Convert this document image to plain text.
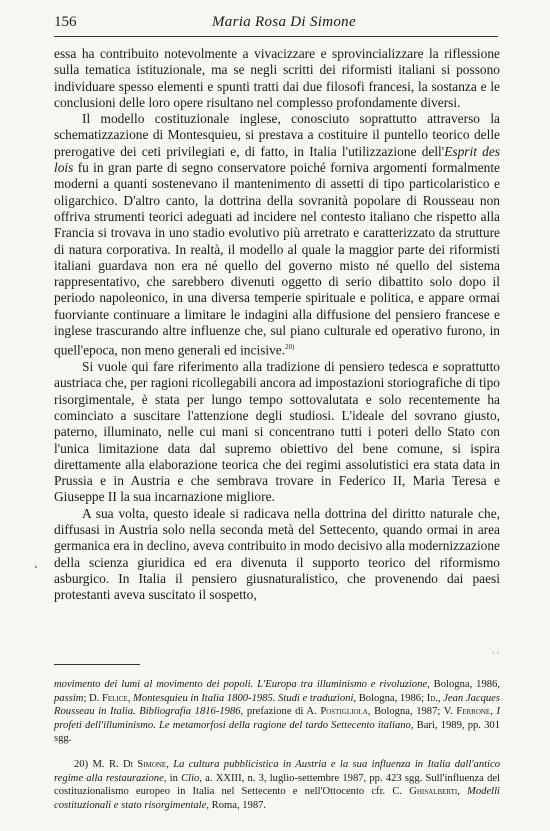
156	Maria Rosa Di Simone

essa ha contribuito notevolmente a vivacizzare e sprovincializzare la riflessione sulla tematica istituzionale, ma se negli scritti dei riformisti italiani si possono individuare spesso elementi e spunti tratti dai due filosofi francesi, la sostanza e le conclusioni delle loro opere risultano nel complesso profondamente diversi.

Il modello costituzionale inglese, conosciuto soprattutto attraverso la schematizzazione di Montesquieu, si prestava a costituire il puntello teorico delle prerogative dei ceti privilegiati e, di fatto, in Italia l'utilizzazione dell'Esprit des lois fu in gran parte di segno conservatore poiché forniva argomenti formalmente moderni a quanti sostenevano il mantenimento di assetti di tipo particolaristico e oligarchico. D'altro canto, la dottrina della sovranità popolare di Rousseau non offriva strumenti teorici adeguati ad incidere nel contesto italiano che rispetto alla Francia si trovava in uno stadio evolutivo più arretrato e caratterizzato da strutture di natura corporativa. In realtà, il modello al quale la maggior parte dei riformisti italiani guardava non era né quello del governo misto né quello del sistema rappresentativo, che sarebbero divenuti oggetto di serio dibattito solo dopo il periodo napoleonico, in una diversa temperie spirituale e politica, e appare ormai fuorviante continuare a limitare le indagini alla diffusione del pensiero francese e inglese trascurando altre influenze che, sul piano culturale ed operativo furono, in quell'epoca, non meno generali ed incisive.$^{20)}$

Si vuole qui fare riferimento alla tradizione di pensiero tedesca e soprattutto austriaca che, per ragioni ricollegabili ancora ad impostazioni storiografiche di tipo risorgimentale, è stata per lungo tempo sottovalutata e solo recentemente ha cominciato a suscitare l'attenzione degli studiosi. L'ideale del sovrano giusto, paterno, illuminato, nelle cui mani si concentrano tutti i poteri dello Stato con l'unica limitazione data dal supremo obiettivo del bene comune, si ispira direttamente alla elaborazione teorica che dei regimi assolutistici era stata data in Prussia e in Austria e che sembrava trovare in Federico II, Maria Teresa e Giuseppe II la sua incarnazione migliore.

A sua volta, questo ideale si radicava nella dottrina del diritto naturale che, diffusasi in Austria solo nella seconda metà del Settecento, quando ormai in area germanica era in declino, aveva contribuito in modo decisivo alla modernizzazione della scienza giuridica ed era divenuta il supporto teorico del riformismo asburgico. In Italia il pensiero giusnaturalistico, che provenendo dai paesi protestanti aveva suscitato il sospetto,

‘
‘ ‘

movimento dei lumi al movimento dei popoli. L'Europa tra illuminismo e rivoluzione, Bologna, 1986, passim; D. Felice, Montesquieu in Italia 1800-1985. Studi e traduzioni, Bologna, 1986; Id., Jean Jacques Rousseau in Italia. Bibliografia 1816-1986, prefazione di A. Postigliola, Bologna, 1987; V. Ferrone, I profeti dell'illuminismo. Le metamorfosi della ragione del tardo Settecento italiano, Bari, 1989, pp. 301 sgg.

20) M. R. Di Simone, La cultura pubblicistica in Austria e la sua influenza in Italia dall'antico regime alla restaurazione, in Clio, a. XXIII, n. 3, luglio-settembre 1987, pp. 423 sgg. Sull'influenza del costituzionalismo europeo in Italia nel Settecento e nell'Ottocento cfr. C. Ghisalberti, Modelli costituzionali e stato risorgimentale, Roma, 1987.
